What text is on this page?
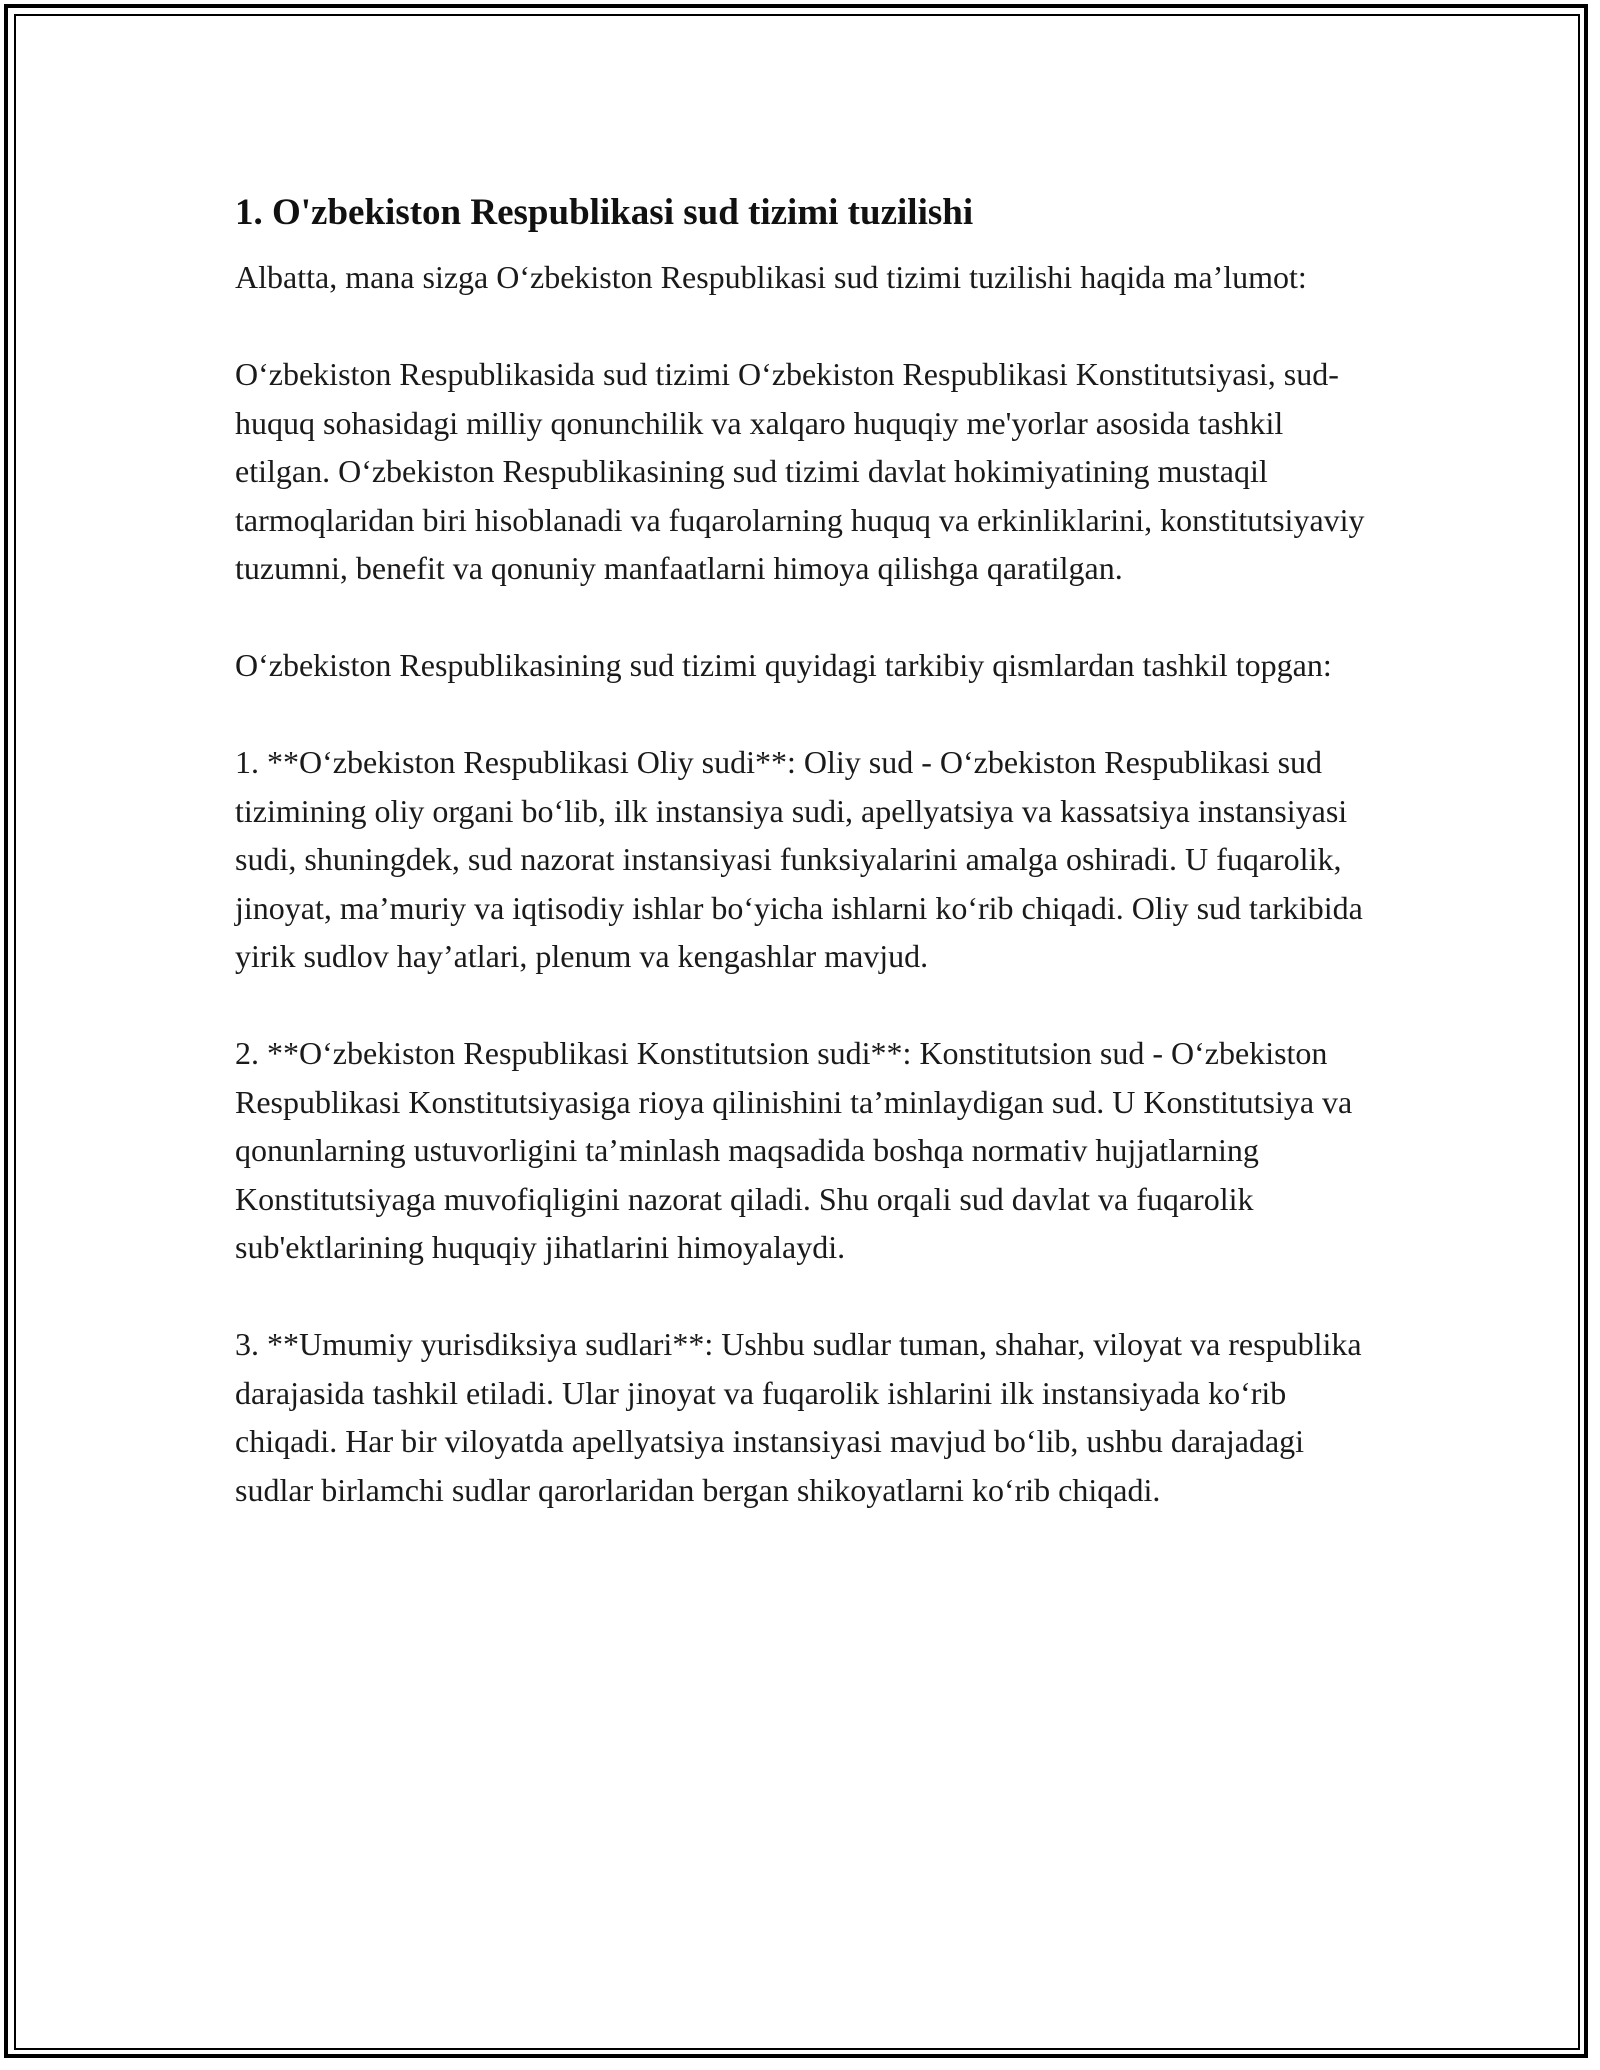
1. O'zbekiston Respublikasi sud tizimi tuzilishi

Albatta, mana sizga O‘zbekiston Respublikasi sud tizimi tuzilishi haqida ma’lumot:

O‘zbekiston Respublikasida sud tizimi O‘zbekiston Respublikasi Konstitutsiyasi, sud-huquq sohasidagi milliy qonunchilik va xalqaro huquqiy me'yorlar asosida tashkil etilgan. O‘zbekiston Respublikasining sud tizimi davlat hokimiyatining mustaqil tarmoqlaridan biri hisoblanadi va fuqarolarning huquq va erkinliklarini, konstitutsiyaviy tuzumni, benefit va qonuniy manfaatlarni himoya qilishga qaratilgan.

O‘zbekiston Respublikasining sud tizimi quyidagi tarkibiy qismlardan tashkil topgan:

1. **O‘zbekiston Respublikasi Oliy sudi**: Oliy sud - O‘zbekiston Respublikasi sud tizimining oliy organi bo‘lib, ilk instansiya sudi, apellyatsiya va kassatsiya instansiyasi sudi, shuningdek, sud nazorat instansiyasi funksiyalarini amalga oshiradi. U fuqarolik, jinoyat, ma’muriy va iqtisodiy ishlar bo‘yicha ishlarni ko‘rib chiqadi. Oliy sud tarkibida yirik sudlov hay’atlari, plenum va kengashlar mavjud.

2. **O‘zbekiston Respublikasi Konstitutsion sudi**: Konstitutsion sud - O‘zbekiston Respublikasi Konstitutsiyasiga rioya qilinishini ta’minlaydigan sud. U Konstitutsiya va qonunlarning ustuvorligini ta’minlash maqsadida boshqa normativ hujjatlarning Konstitutsiyaga muvofiqligini nazorat qiladi. Shu orqali sud davlat va fuqarolik sub'ektlarining huquqiy jihatlarini himoyalaydi.

3. **Umumiy yurisdiksiya sudlari**: Ushbu sudlar tuman, shahar, viloyat va respublika darajasida tashkil etiladi. Ular jinoyat va fuqarolik ishlarini ilk instansiyada ko‘rib chiqadi. Har bir viloyatda apellyatsiya instansiyasi mavjud bo‘lib, ushbu darajadagi sudlar birlamchi sudlar qarorlaridan bergan shikoyatlarni ko‘rib chiqadi.
